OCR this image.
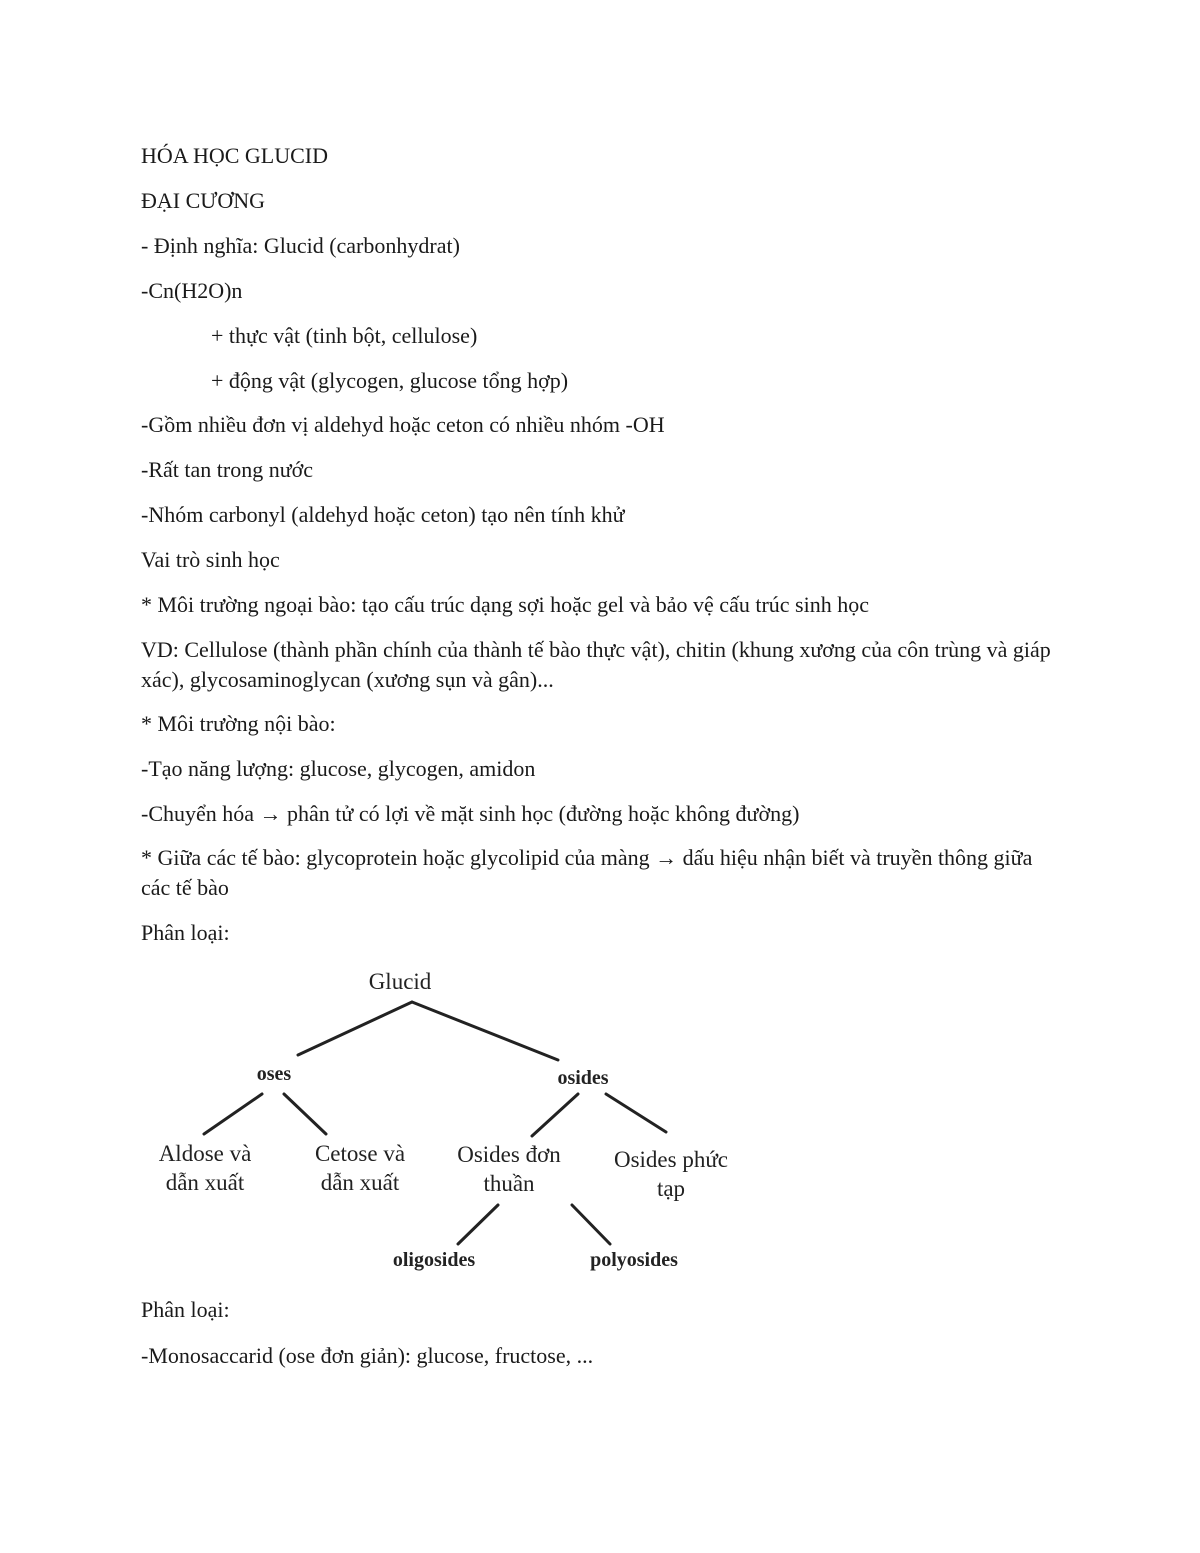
HÓA HỌC GLUCID
ĐẠI CƯƠNG
- Định nghĩa: Glucid (carbonhydrat)
-Cn(H2O)n
+ thực vật (tinh bột, cellulose)
+ động vật (glycogen, glucose tổng hợp)
-Gồm nhiều đơn vị aldehyd hoặc ceton có nhiều nhóm -OH
-Rất tan trong nước
-Nhóm carbonyl (aldehyd hoặc ceton) tạo nên tính khử
Vai trò sinh học
* Môi trường ngoại bào: tạo cấu trúc dạng sợi hoặc gel và bảo vệ cấu trúc sinh học
VD: Cellulose (thành phần chính của thành tế bào thực vật), chitin (khung xương của côn trùng và giáp xác), glycosaminoglycan (xương sụn và gân)...
* Môi trường nội bào:
-Tạo năng lượng: glucose, glycogen, amidon
-Chuyển hóa → phân tử có lợi về mặt sinh học (đường hoặc không đường)
* Giữa các tế bào: glycoprotein hoặc glycolipid của màng → dấu hiệu nhận biết và truyền thông giữa các tế bào
Phân loại:
Glucid
oses	osides
Aldose và
dẫn xuất
Cetose và
dẫn xuất
Osides đơn
thuần
Osides phức
tạp
oligosides	polyosides
Phân loại:
-Monosaccarid (ose đơn giản): glucose, fructose, ...
